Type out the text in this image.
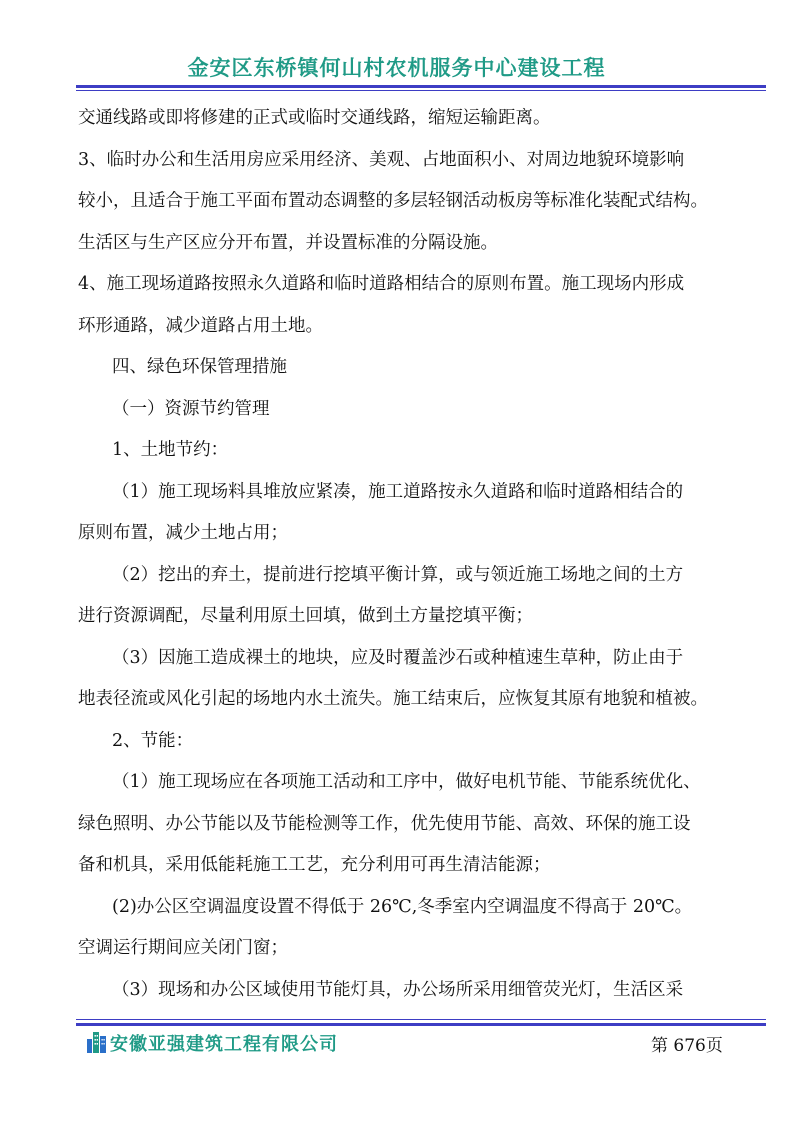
金安区东桥镇何山村农机服务中心建设工程

交通线路或即将修建的正式或临时交通线路，缩短运输距离。

3、临时办公和生活用房应采用经济、美观、占地面积小、对周边地貌环境影响

较小，且适合于施工平面布置动态调整的多层轻钢活动板房等标准化装配式结构。

生活区与生产区应分开布置，并设置标准的分隔设施。

4、施工现场道路按照永久道路和临时道路相结合的原则布置。施工现场内形成

环形通路，减少道路占用土地。

四、绿色环保管理措施

（一）资源节约管理

1、土地节约：

（1）施工现场料具堆放应紧凑，施工道路按永久道路和临时道路相结合的

原则布置，减少土地占用；

（2）挖出的弃土，提前进行挖填平衡计算，或与领近施工场地之间的土方

进行资源调配，尽量利用原土回填，做到土方量挖填平衡；

（3）因施工造成裸土的地块，应及时覆盖沙石或种植速生草种，防止由于

地表径流或风化引起的场地内水土流失。施工结束后，应恢复其原有地貌和植被。

2、节能：

（1）施工现场应在各项施工活动和工序中，做好电机节能、节能系统优化、

绿色照明、办公节能以及节能检测等工作，优先使用节能、高效、环保的施工设

备和机具，采用低能耗施工工艺，充分利用可再生清洁能源；

(2)办公区空调温度设置不得低于 26℃,冬季室内空调温度不得高于 20℃。

空调运行期间应关闭门窗；

（3）现场和办公区域使用节能灯具，办公场所采用细管荧光灯，生活区采

安徽亚强建筑工程有限公司	第 676页
